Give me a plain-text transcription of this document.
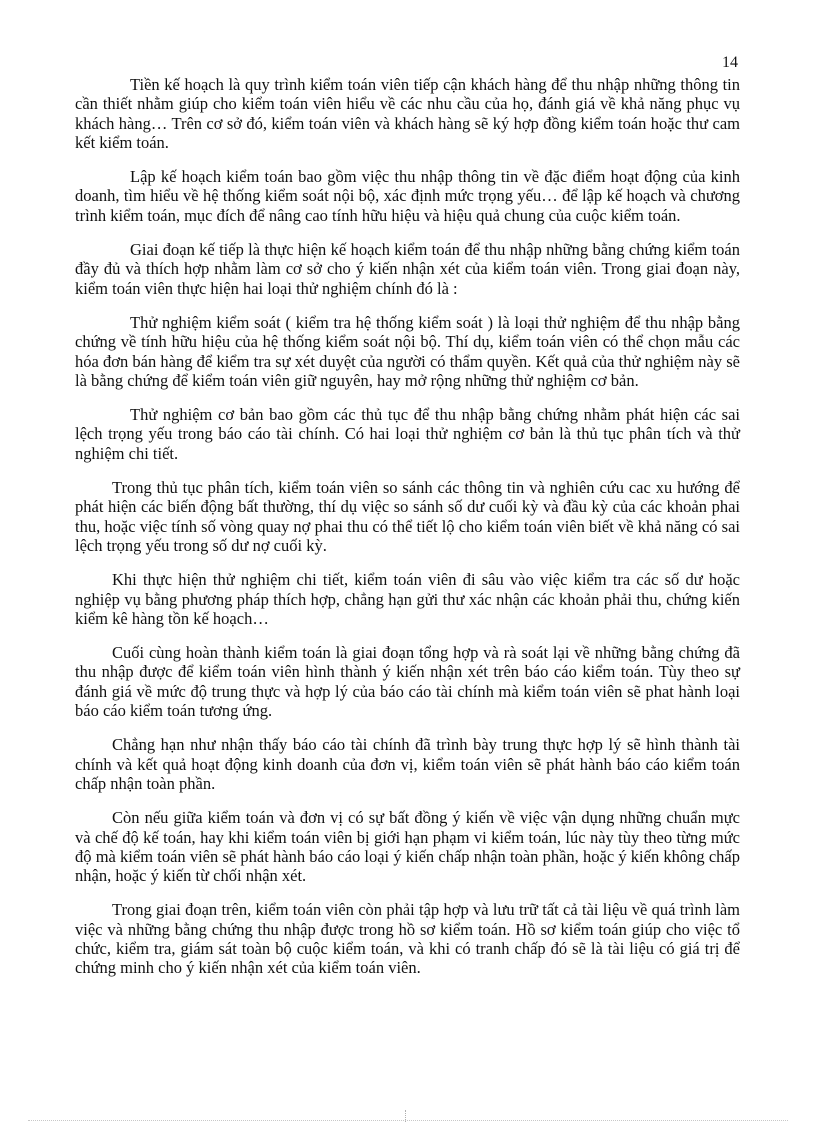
14

Tiền kế hoạch là quy trình kiểm toán viên tiếp cận khách hàng để thu nhập những thông tin cần thiết nhằm giúp cho kiểm toán viên hiểu về các nhu cầu của họ, đánh giá về khả năng phục vụ khách hàng… Trên cơ sở đó, kiểm toán viên và khách hàng sẽ ký hợp đồng kiểm toán hoặc thư cam kết kiểm toán.

Lập kế hoạch kiểm toán bao gồm việc thu nhập thông tin về đặc điểm hoạt động của kinh doanh, tìm hiểu về hệ thống kiểm soát nội bộ, xác định mức trọng yếu… để lập kế hoạch và chương trình kiểm toán, mục đích để nâng cao tính hữu hiệu và hiệu quả chung của cuộc kiểm toán.

Giai đoạn kế tiếp là thực hiện kế hoạch kiểm toán để thu nhập những bằng chứng kiểm toán đầy đủ và thích hợp nhằm làm cơ sở cho ý kiến nhận xét của kiểm toán viên. Trong giai đoạn này, kiểm toán viên thực hiện hai loại thử nghiệm chính đó là :

Thử nghiệm kiểm soát ( kiểm tra hệ thống kiểm soát ) là loại thử nghiệm để thu nhập bằng chứng về tính hữu hiệu của hệ thống kiểm soát nội bộ. Thí dụ, kiểm toán viên có thể chọn mẫu các hóa đơn bán hàng để kiểm tra sự xét duyệt của người có thẩm quyền. Kết quả của thử nghiệm này sẽ là bằng chứng để kiểm toán viên giữ nguyên, hay mở rộng những thử nghiệm cơ bản.

Thử nghiệm cơ bản bao gồm các thủ tục để thu nhập bằng chứng nhằm phát hiện các sai lệch trọng yếu trong báo cáo tài chính. Có hai loại thử nghiệm cơ bản là thủ tục phân tích và thử nghiệm chi tiết.

Trong thủ tục phân tích, kiểm toán viên so sánh các thông tin và nghiên cứu cac xu hướng để phát hiện các biến động bất thường, thí dụ việc so sánh số dư cuối kỳ và đầu kỳ của các khoản phai thu, hoặc việc tính số vòng quay nợ phai thu có thể tiết lộ cho kiểm toán viên biết về khả năng có sai lệch trọng yếu trong số dư nợ cuối kỳ.

Khi thực hiện thử nghiệm chi tiết, kiểm toán viên đi sâu vào việc kiểm tra các số dư hoặc nghiệp vụ bằng phương pháp thích hợp, chẳng hạn gửi thư xác nhận các khoản phải thu, chứng kiến kiểm kê hàng tồn kế hoạch…

Cuối cùng hoàn thành kiểm toán là giai đoạn tổng hợp và rà soát lại về những bằng chứng đã thu nhập được để kiểm toán viên hình thành ý kiến nhận xét trên báo cáo kiểm toán. Tùy theo sự đánh giá về mức độ trung thực và hợp lý của báo cáo tài chính mà kiểm toán viên sẽ phat hành loại báo cáo kiểm toán tương ứng.

Chẳng hạn như nhận thấy báo cáo tài chính đã trình bày trung thực hợp lý sẽ hình thành tài chính và kết quả hoạt động kinh doanh của đơn vị, kiểm toán viên sẽ phát hành báo cáo kiểm toán chấp nhận toàn phần.

Còn nếu giữa kiểm toán và đơn vị có sự bất đồng ý kiến về việc vận dụng những chuẩn mực và chế độ kế toán, hay khi kiểm toán viên bị giới hạn phạm vi kiểm toán, lúc này tùy theo từng mức độ mà kiểm toán viên sẽ phát hành báo cáo loại ý kiến chấp nhận toàn phần, hoặc ý kiến không chấp nhận, hoặc ý kiến từ chối nhận xét.

Trong giai đoạn trên, kiểm toán viên còn phải tập hợp và lưu trữ tất cả tài liệu về quá trình làm việc và những bằng chứng thu nhập được trong hồ sơ kiểm toán. Hồ sơ kiểm toán giúp cho việc tổ chức, kiểm tra, giám sát toàn bộ cuộc kiểm toán, và khi có tranh chấp đó sẽ là tài liệu có giá trị để chứng minh cho ý kiến nhận xét của kiểm toán viên.
